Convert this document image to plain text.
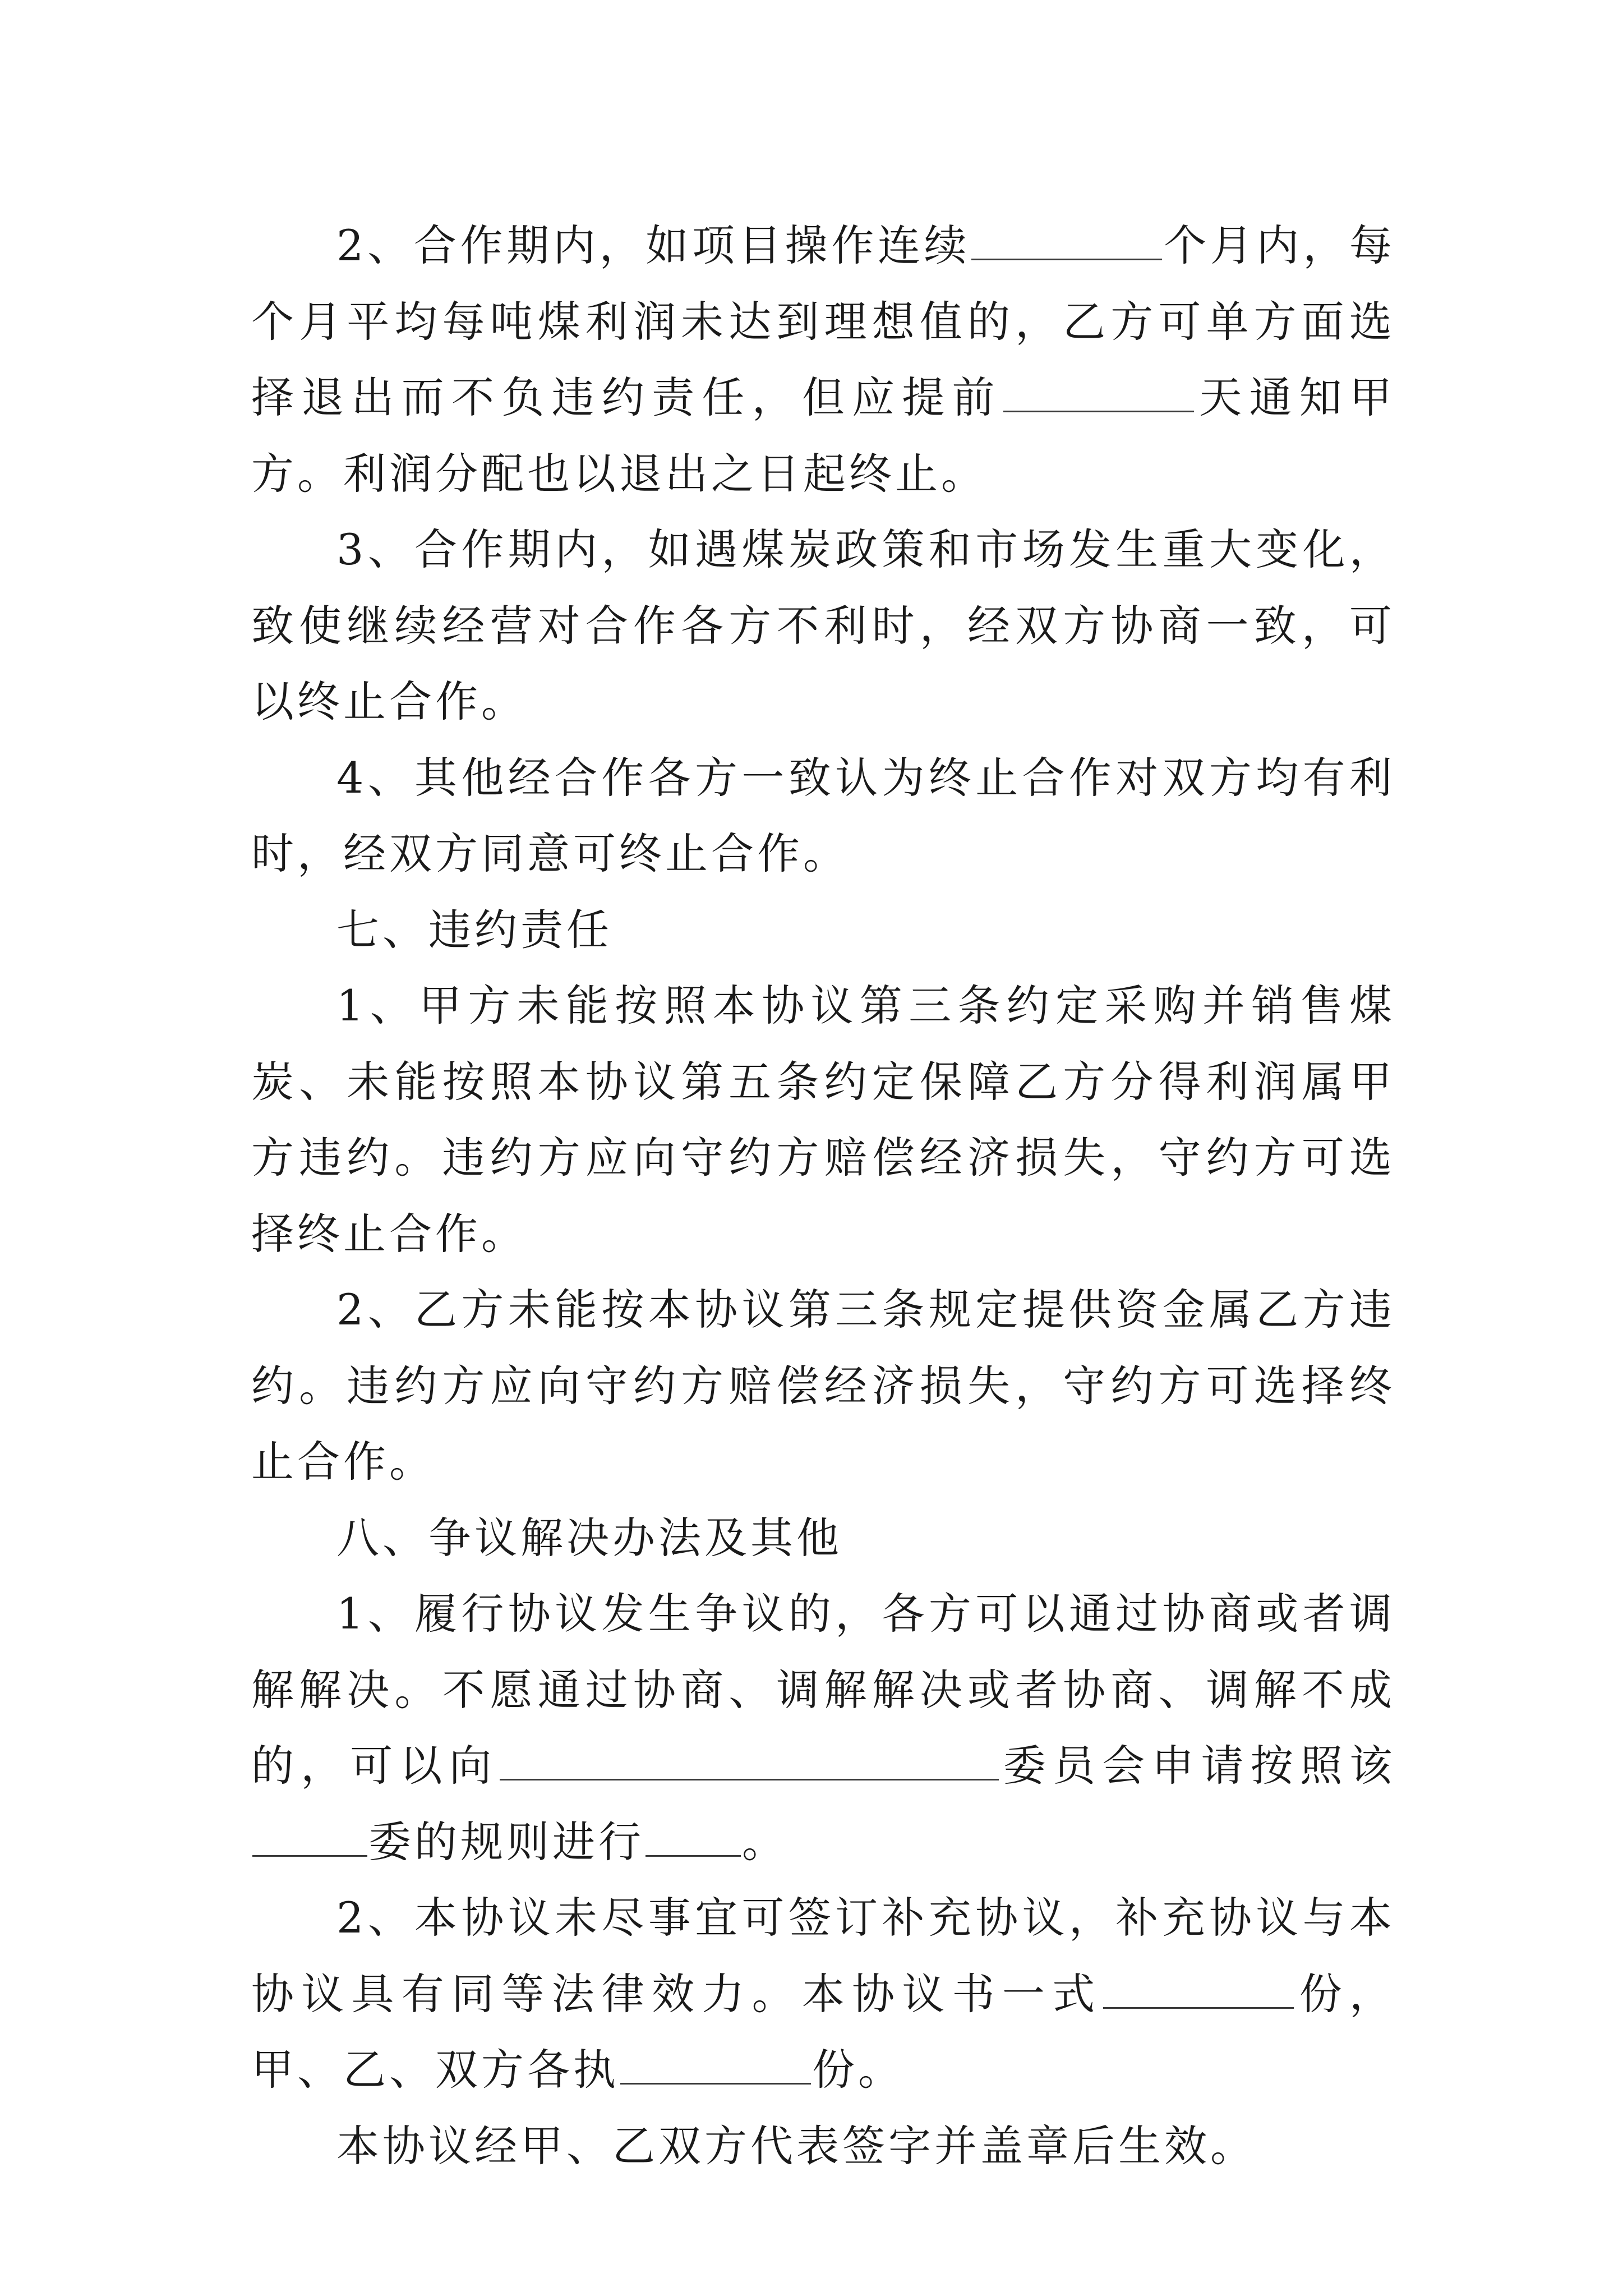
2、合作期内，如项目操作连续	个月内，每个月平均每吨煤利润未达到理想值的，乙方可单方面选择退出而不负违约责任，但应提前	天通知甲方。利润分配也以退出之日起终止。

3、合作期内，如遇煤炭政策和市场发生重大变化，致使继续经营对合作各方不利时，经双方协商一致，可以终止合作。

4、其他经合作各方一致认为终止合作对双方均有利时，经双方同意可终止合作。

七、违约责任

1、甲方未能按照本协议第三条约定采购并销售煤炭、未能按照本协议第五条约定保障乙方分得利润属甲方违约。违约方应向守约方赔偿经济损失，守约方可选择终止合作。

2、乙方未能按本协议第三条规定提供资金属乙方违约。违约方应向守约方赔偿经济损失，守约方可选择终止合作。

八、争议解决办法及其他

1、履行协议发生争议的，各方可以通过协商或者调解解决。不愿通过协商、调解解决或者协商、调解不成的，可以向	委员会申请按照该委的规则进行 。

2、本协议未尽事宜可签订补充协议，补充协议与本协议具有同等法律效力。本协议书一式	份，甲、乙、双方各执	份。

本协议经甲、乙双方代表签字并盖章后生效。
